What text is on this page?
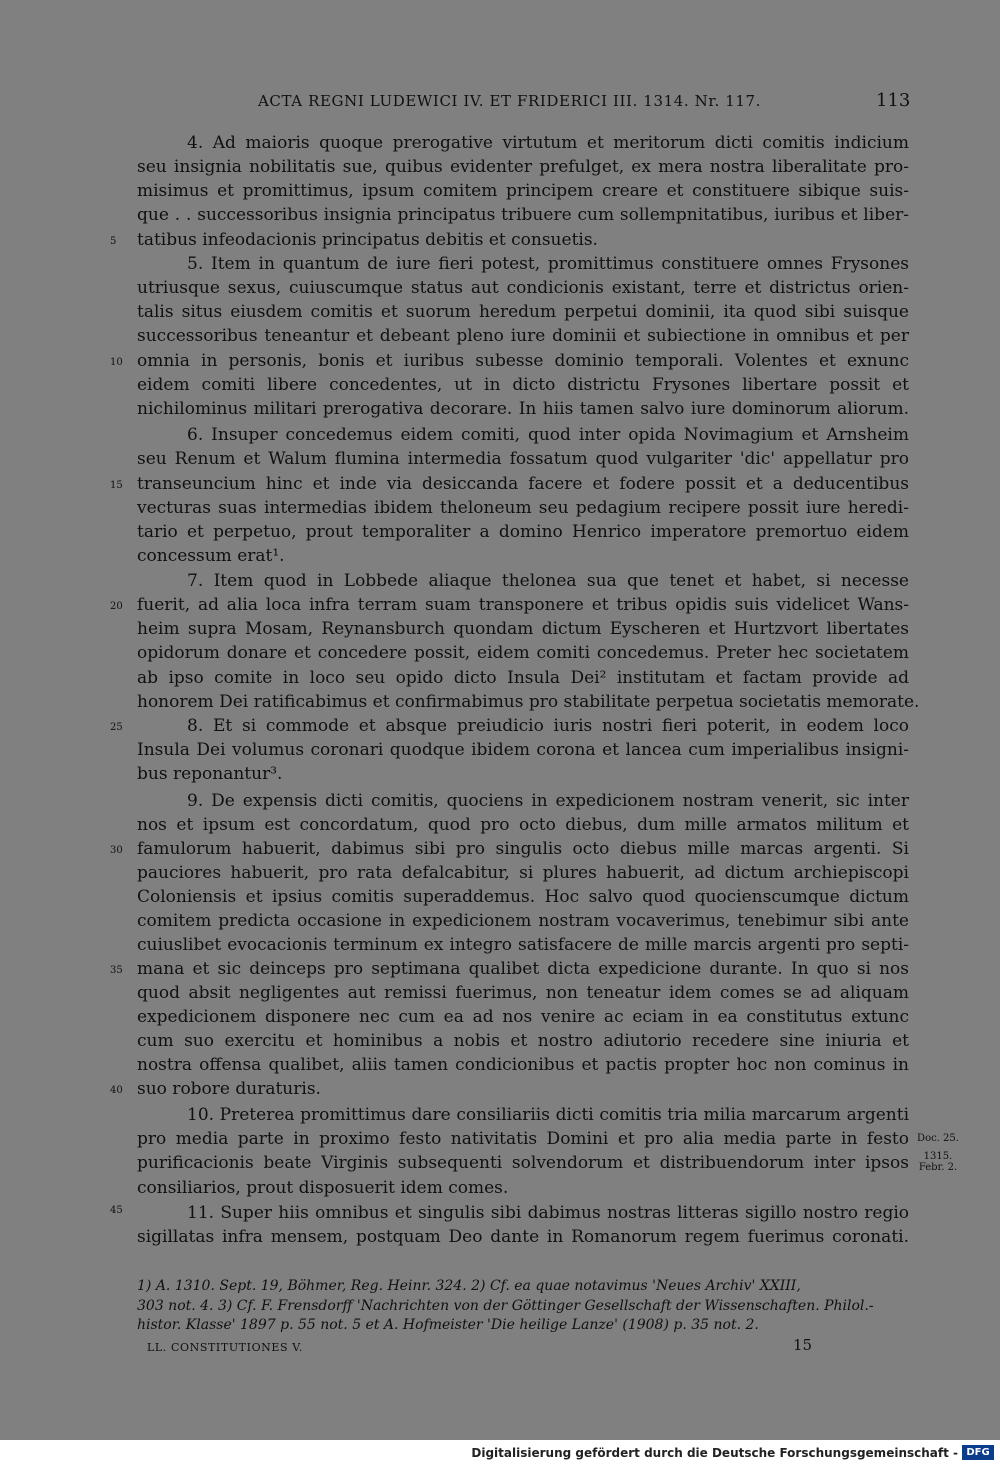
ACTA REGNI LUDEWICI IV. ET FRIDERICI III. 1314. Nr. 117.	113
4. Ad maioris quoque prerogative virtutum et meritorum dicti comitis indicium
seu insignia nobilitatis sue, quibus evidenter prefulget, ex mera nostra liberalitate pro-
misimus et promittimus, ipsum comitem principem creare et constituere sibique suis-
que . . successoribus insignia principatus tribuere cum sollempnitatibus, iuribus et liber-
tatibus infeodacionis principatus debitis et consuetis.
5. Item in quantum de iure fieri potest, promittimus constituere omnes Frysones
utriusque sexus, cuiuscumque status aut condicionis existant, terre et districtus orien-
talis situs eiusdem comitis et suorum heredum perpetui dominii, ita quod sibi suisque
successoribus teneantur et debeant pleno iure dominii et subiectione in omnibus et per
omnia in personis, bonis et iuribus subesse dominio temporali. Volentes et exnunc
eidem comiti libere concedentes, ut in dicto districtu Frysones libertare possit et
nichilominus militari prerogativa decorare. In hiis tamen salvo iure dominorum aliorum.
6. Insuper concedemus eidem comiti, quod inter opida Novimagium et Arnsheim
seu Renum et Walum flumina intermedia fossatum quod vulgariter 'dic' appellatur pro
transeuncium hinc et inde via desiccanda facere et fodere possit et a deducentibus
vecturas suas intermedias ibidem theloneum seu pedagium recipere possit iure heredi-
tario et perpetuo, prout temporaliter a domino Henrico imperatore premortuo eidem
concessum erat¹.
7. Item quod in Lobbede aliaque thelonea sua que tenet et habet, si necesse
fuerit, ad alia loca infra terram suam transponere et tribus opidis suis videlicet Wans-
heim supra Mosam, Reynansburch quondam dictum Eyscheren et Hurtzvort libertates
opidorum donare et concedere possit, eidem comiti concedemus. Preter hec societatem
ab ipso comite in loco seu opido dicto Insula Dei² institutam et factam provide ad
honorem Dei ratificabimus et confirmabimus pro stabilitate perpetua societatis memorate.
8. Et si commode et absque preiudicio iuris nostri fieri poterit, in eodem loco
Insula Dei volumus coronari quodque ibidem corona et lancea cum imperialibus insigni-
bus reponantur³.
9. De expensis dicti comitis, quociens in expedicionem nostram venerit, sic inter
nos et ipsum est concordatum, quod pro octo diebus, dum mille armatos militum et
famulorum habuerit, dabimus sibi pro singulis octo diebus mille marcas argenti. Si
pauciores habuerit, pro rata defalcabitur, si plures habuerit, ad dictum archiepiscopi
Coloniensis et ipsius comitis superaddemus. Hoc salvo quod quocienscumque dictum
comitem predicta occasione in expedicionem nostram vocaverimus, tenebimur sibi ante
cuiuslibet evocacionis terminum ex integro satisfacere de mille marcis argenti pro septi-
mana et sic deinceps pro septimana qualibet dicta expedicione durante. In quo si nos
quod absit negligentes aut remissi fuerimus, non teneatur idem comes se ad aliquam
expedicionem disponere nec cum ea ad nos venire ac eciam in ea constitutus extunc
cum suo exercitu et hominibus a nobis et nostro adiutorio recedere sine iniuria et
nostra offensa qualibet, aliis tamen condicionibus et pactis propter hoc non cominus in
suo robore duraturis.
10. Preterea promittimus dare consiliariis dicti comitis tria milia marcarum argenti
pro media parte in proximo festo nativitatis Domini et pro alia media parte in festo
purificacionis beate Virginis subsequenti solvendorum et distribuendorum inter ipsos
consiliarios, prout disposuerit idem comes.
11. Super hiis omnibus et singulis sibi dabimus nostras litteras sigillo nostro regio
sigillatas infra mensem, postquam Deo dante in Romanorum regem fuerimus coronati.
5
10
15
20
25
30
35
40
45
Doc. 25.
1315.
Febr. 2.
1) A. 1310. Sept. 19, Böhmer, Reg. Heinr. 324. 2) Cf. ea quae notavimus 'Neues Archiv' XXIII,
303 not. 4. 3) Cf. F. Frensdorff 'Nachrichten von der Göttinger Gesellschaft der Wissenschaften. Philol.-
histor. Klasse' 1897 p. 55 not. 5 et A. Hofmeister 'Die heilige Lanze' (1908) p. 35 not. 2.
LL. CONSTITUTIONES V.	15
Digitalisierung gefördert durch die Deutsche Forschungsgemeinschaft - DFG
